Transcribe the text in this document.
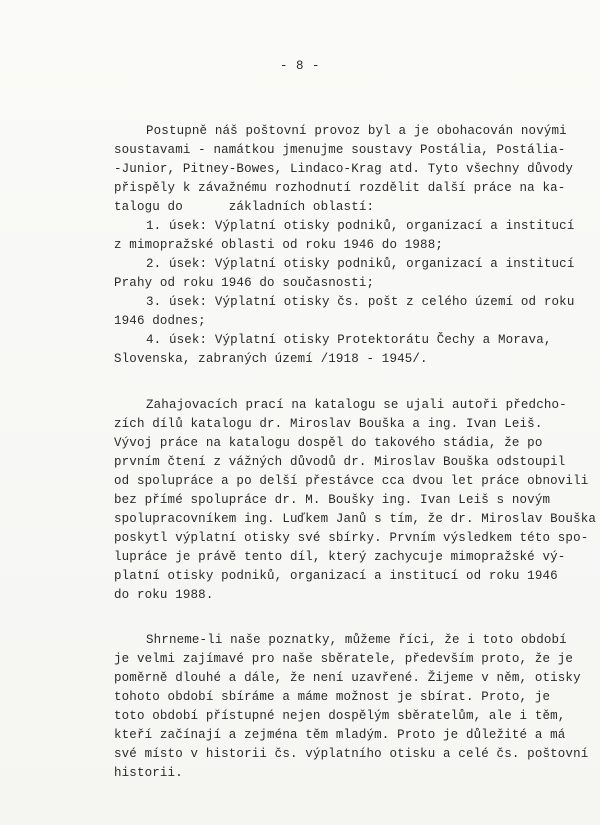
- 8 -
Postupně náš poštovní provoz byl a je obohacován novými
soustavami - namátkou jmenujme soustavy Postália, Postália-
-Junior, Pitney-Bowes, Lindaco-Krag atd. Tyto všechny důvody
přispěly k závažnému rozhodnutí rozdělit další práce na ka-
talogu do      základních oblastí:
1. úsek: Výplatní otisky podniků, organizací a institucí
z mimopražské oblasti od roku 1946 do 1988;
2. úsek: Výplatní otisky podniků, organizací a institucí
Prahy od roku 1946 do současnosti;
3. úsek: Výplatní otisky čs. pošt z celého území od roku
1946 dodnes;
4. úsek: Výplatní otisky Protektorátu Čechy a Morava,
Slovenska, zabraných území /1918 - 1945/.
Zahajovacích prací na katalogu se ujali autoři předcho-
zích dílů katalogu dr. Miroslav Bouška a ing. Ivan Leiš.
Vývoj práce na katalogu dospěl do takového stádia, že po
prvním čtení z vážných důvodů dr. Miroslav Bouška odstoupil
od spolupráce a po delší přestávce cca dvou let práce obnovili
bez přímé spolupráce dr. M. Boušky ing. Ivan Leiš s novým
spolupracovníkem ing. Luďkem Janů s tím, že dr. Miroslav Bouška
poskytl výplatní otisky své sbírky. Prvním výsledkem této spo-
lupráce je právě tento díl, který zachycuje mimopražské vý-
platní otisky podniků, organizací a institucí od roku 1946
do roku 1988.
Shrneme-li naše poznatky, můžeme říci, že i toto období
je velmi zajímavé pro naše sběratele, především proto, že je
poměrně dlouhé a dále, že není uzavřené. Žijeme v něm, otisky
tohoto období sbíráme a máme možnost je sbírat. Proto, je
toto období přístupné nejen dospělým sběratelům, ale i těm,
kteří začínají a zejména těm mladým. Proto je důležité a má
své místo v historii čs. výplatního otisku a celé čs. poštovní
historii.
